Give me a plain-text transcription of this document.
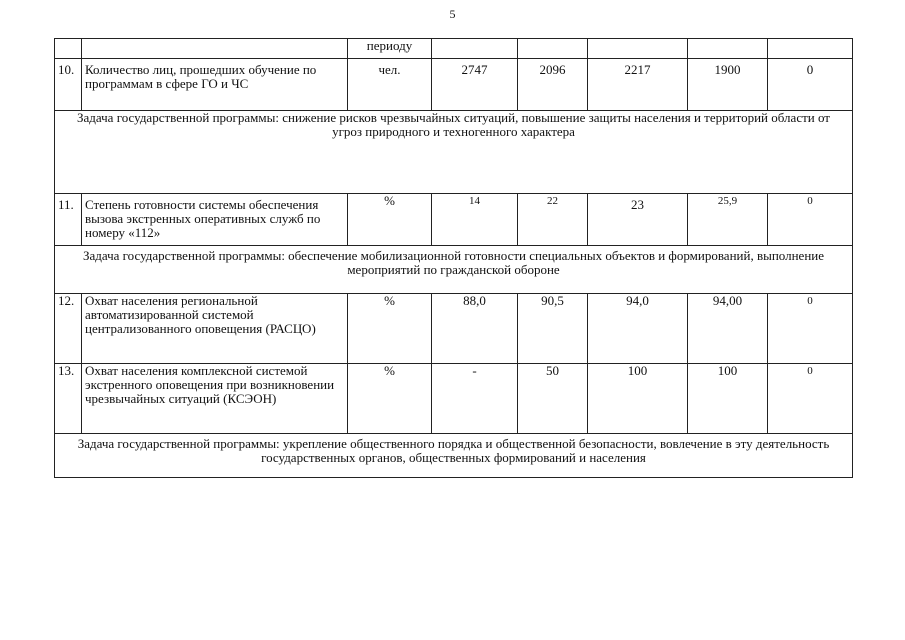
5
		периоду					
10.	Количество лиц, прошедших обучение по программам в сфере ГО и ЧС	чел.	2747	2096	2217	1900	0
Задача государственной программы: снижение рисков чрезвычайных ситуаций, повышение защиты населения и территорий области от угроз природного и техногенного характера							
11.	Степень готовности системы обеспечения вызова экстренных оперативных служб по номеру «112»	%	14	22	23	25,9	0
Задача государственной программы: обеспечение мобилизационной готовности специальных объектов и формирований, выполнение мероприятий по гражданской обороне							
12.	Охват населения региональной автоматизированной системой централизованного оповещения (РАСЦО)	%	88,0	90,5	94,0	94,00	0
13.	Охват населения комплексной системой экстренного оповещения при возникновении чрезвычайных ситуаций (КСЭОН)	%	-	50	100	100	0
Задача государственной программы: укрепление общественного порядка и общественной безопасности, вовлечение в эту деятельность государственных органов, общественных формирований и населения							
